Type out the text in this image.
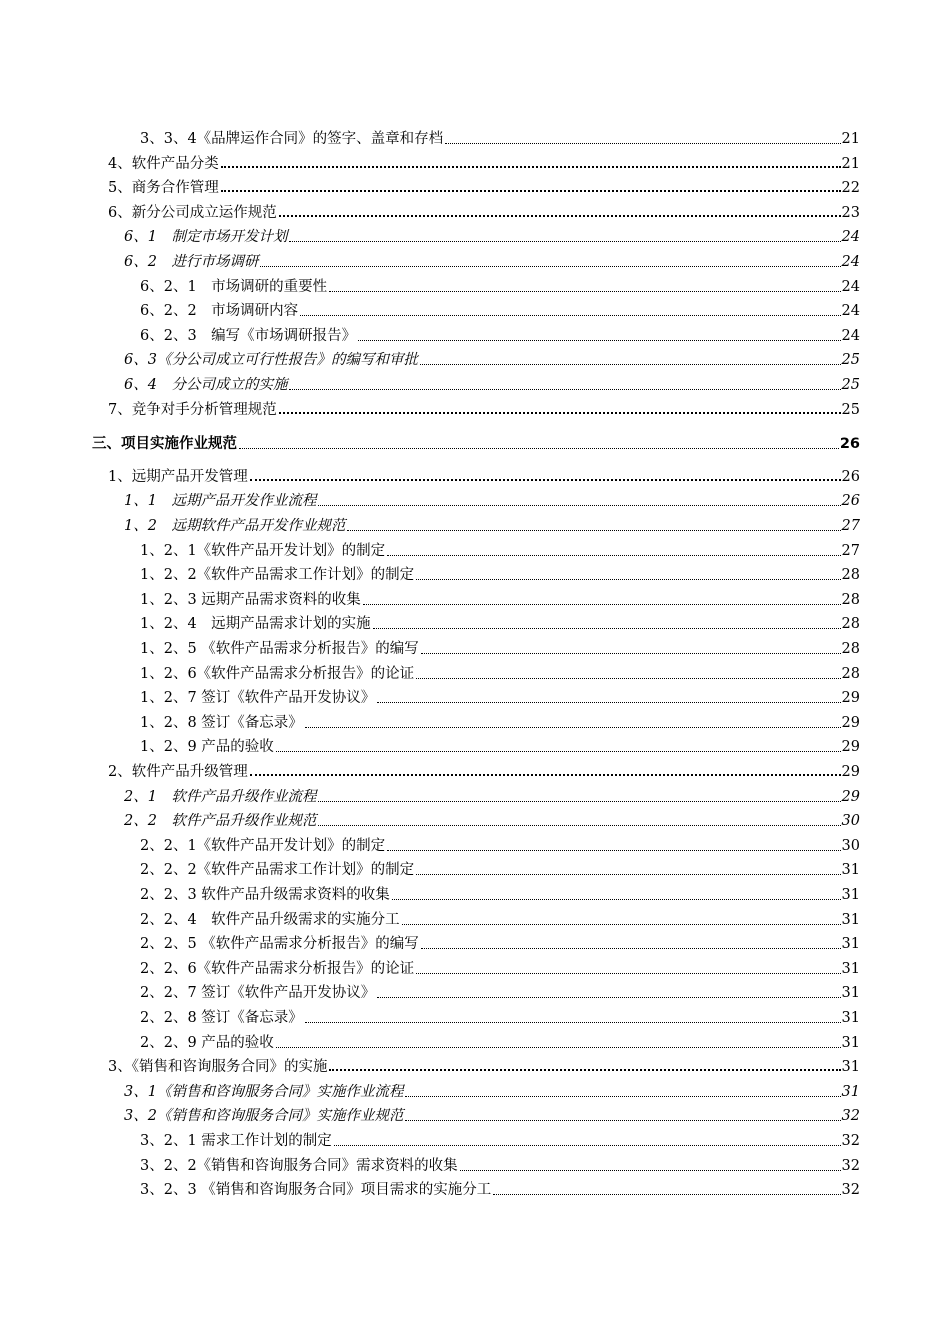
3、3、4《品牌运作合同》的签字、盖章和存档	21
4、软件产品分类	21
5、商务合作管理	22
6、新分公司成立运作规范	23
6、1　制定市场开发计划	24
6、2　进行市场调研	24
6、2、1　市场调研的重要性	24
6、2、2　市场调研内容	24
6、2、3　编写《市场调研报告》	24
6、3《分公司成立可行性报告》的编写和审批	25
6、4　分公司成立的实施	25
7、竞争对手分析管理规范	25
三、项目实施作业规范	26
1、远期产品开发管理	26
1、1　远期产品开发作业流程	26
1、2　远期软件产品开发作业规范	27
1、2、1《软件产品开发计划》的制定	27
1、2、2《软件产品需求工作计划》的制定	28
1、2、3 远期产品需求资料的收集	28
1、2、4　远期产品需求计划的实施	28
1、2、5 《软件产品需求分析报告》的编写	28
1、2、6《软件产品需求分析报告》的论证	28
1、2、7 签订《软件产品开发协议》	29
1、2、8 签订《备忘录》	29
1、2、9 产品的验收	29
2、软件产品升级管理	29
2、1　软件产品升级作业流程	29
2、2　软件产品升级作业规范	30
2、2、1《软件产品开发计划》的制定	30
2、2、2《软件产品需求工作计划》的制定	31
2、2、3 软件产品升级需求资料的收集	31
2、2、4　软件产品升级需求的实施分工	31
2、2、5 《软件产品需求分析报告》的编写	31
2、2、6《软件产品需求分析报告》的论证	31
2、2、7 签订《软件产品开发协议》	31
2、2、8 签订《备忘录》	31
2、2、9 产品的验收	31
3、《销售和咨询服务合同》的实施	31
3、1《销售和咨询服务合同》实施作业流程	31
3、2《销售和咨询服务合同》实施作业规范	32
3、2、1 需求工作计划的制定	32
3、2、2《销售和咨询服务合同》需求资料的收集	32
3、2、3 《销售和咨询服务合同》项目需求的实施分工	32
